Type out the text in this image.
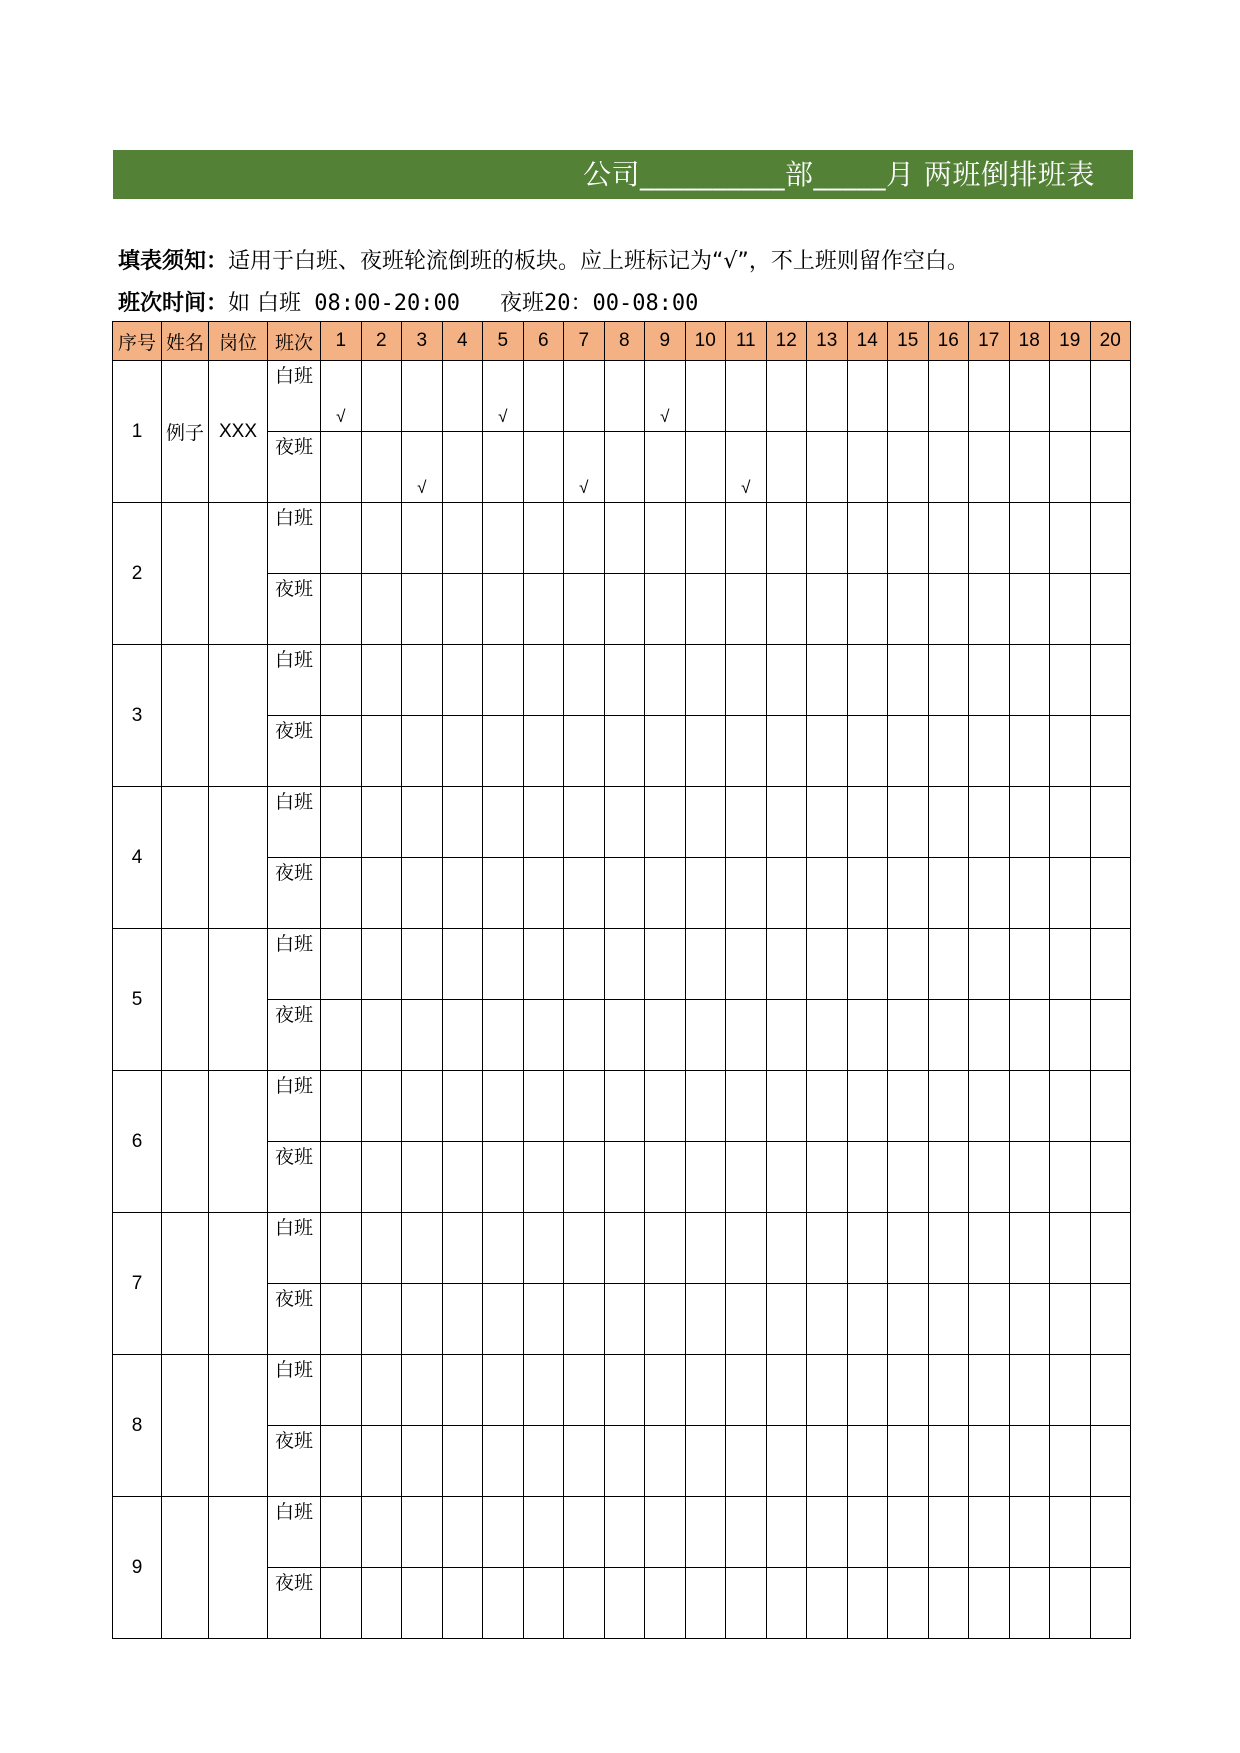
公司__________部_____月 两班倒排班表
填表须知：适用于白班、夜班轮流倒班的板块。应上班标记为“√”，不上班则留作空白。
班次时间：如 白班 08:00-20:00 夜班20：00-08:00
序号	姓名	岗位	班次	1	2	3	4	5	6	7	8	9	10	11	12	13	14	15	16	17	18	19	20
1	例子	XXX	白班	√				√				√											

			夜班			√				√				√									

2			白班																				
			夜班																				
3			白班																				
			夜班																				
4			白班																				
			夜班																				
5			白班																				
			夜班																				
6			白班																				
			夜班																				
7			白班																				
			夜班																				
8			白班																				
			夜班																				
9			白班																				
			夜班																				
